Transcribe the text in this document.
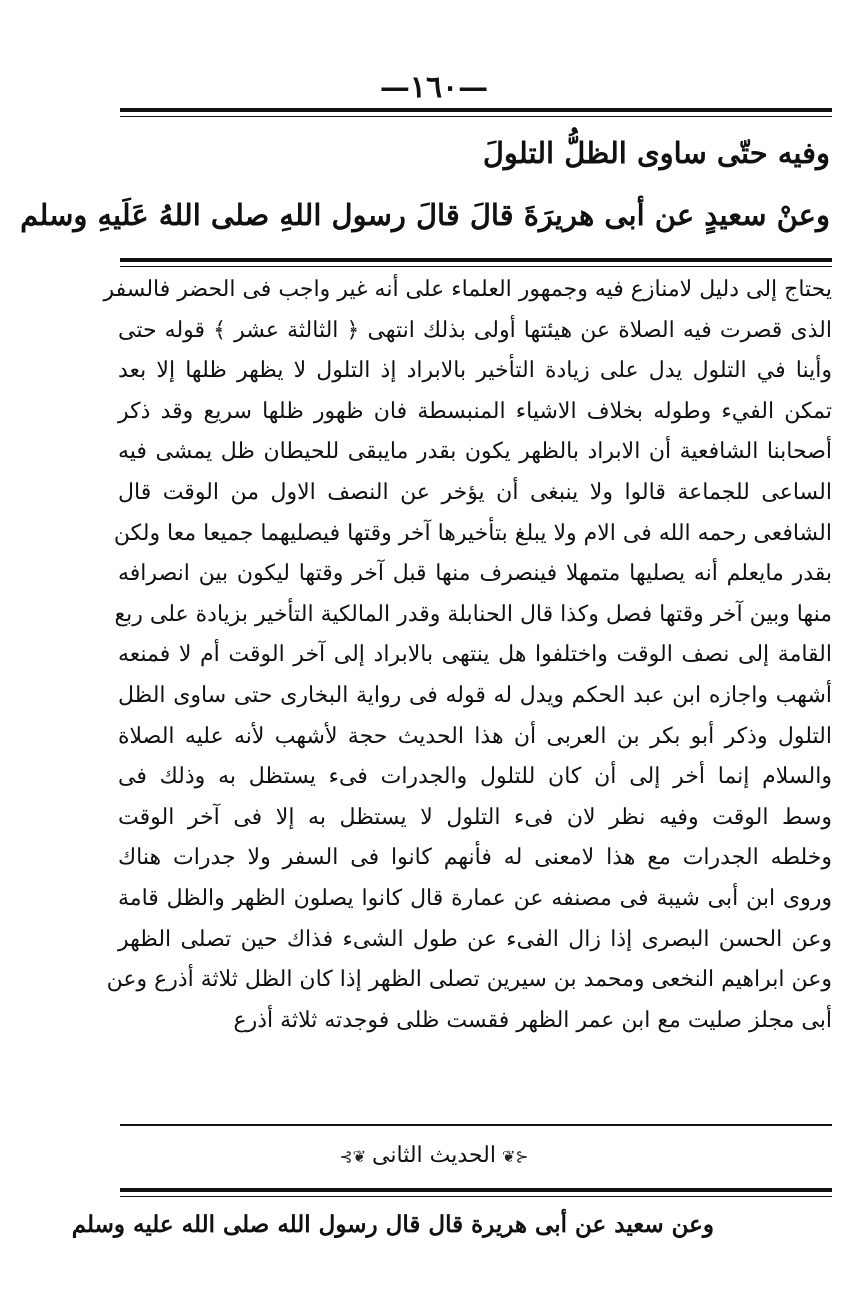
—١٦٠—
وفيه حتّى ساوى الظلُّ التلولَ
وعنْ سعيدٍ عن أبى هريرَةَ قالَ قالَ رسول اللهِ صلى اللهُ عَلَيهِ وسلم
يحتاج إلى دليل لامنازع فيه وجمهور العلماء على أنه غير واجب فى الحضر فالسفر
الذى قصرت فيه الصلاة عن هيئتها أولى بذلك انتهى ﴿ الثالثة عشر ﴾ قوله حتى
وأينا في التلول يدل على زيادة التأخير بالابراد إذ التلول لا يظهر ظلها إلا بعد
تمكن الفيء وطوله بخلاف الاشياء المنبسطة فان ظهور ظلها سريع وقد ذكر
أصحابنا الشافعية أن الابراد بالظهر يكون بقدر مايبقى للحيطان ظل يمشى فيه
الساعى للجماعة قالوا ولا ينبغى أن يؤخر عن النصف الاول من الوقت قال
الشافعى رحمه الله فى الام ولا يبلغ بتأخيرها آخر وقتها فيصليهما جميعا معا ولكن
بقدر مايعلم أنه يصليها متمهلا فينصرف منها قبل آخر وقتها ليكون بين انصرافه
منها وبين آخر وقتها فصل وكذا قال الحنابلة وقدر المالكية التأخير بزيادة على ربع
القامة إلى نصف الوقت واختلفوا هل ينتهى بالابراد إلى آخر الوقت أم لا فمنعه
أشهب واجازه ابن عبد الحكم ويدل له قوله فى رواية البخارى حتى ساوى الظل
التلول وذكر أبو بكر بن العربى أن هذا الحديث حجة لأشهب لأنه عليه الصلاة
والسلام إنما أخر إلى أن كان للتلول والجدرات فىء يستظل به وذلك فى
وسط الوقت وفيه نظر لان فىء التلول لا يستظل به إلا فى آخر الوقت
وخلطه الجدرات مع هذا لامعنى له فأنهم كانوا فى السفر ولا جدرات هناك
وروى ابن أبى شيبة فى مصنفه عن عمارة قال كانوا يصلون الظهر والظل قامة
وعن الحسن البصرى إذا زال الفىء عن طول الشىء فذاك حين تصلى الظهر
وعن ابراهيم النخعى ومحمد بن سيرين تصلى الظهر إذا كان الظل ثلاثة أذرع وعن
أبى مجلز صليت مع ابن عمر الظهر فقست ظلى فوجدته ثلاثة أذرع
⊰❦الحديث الثانى❦⊱
وعن سعيد عن أبى هريرة قال قال رسول الله صلى الله عليه وسلم
